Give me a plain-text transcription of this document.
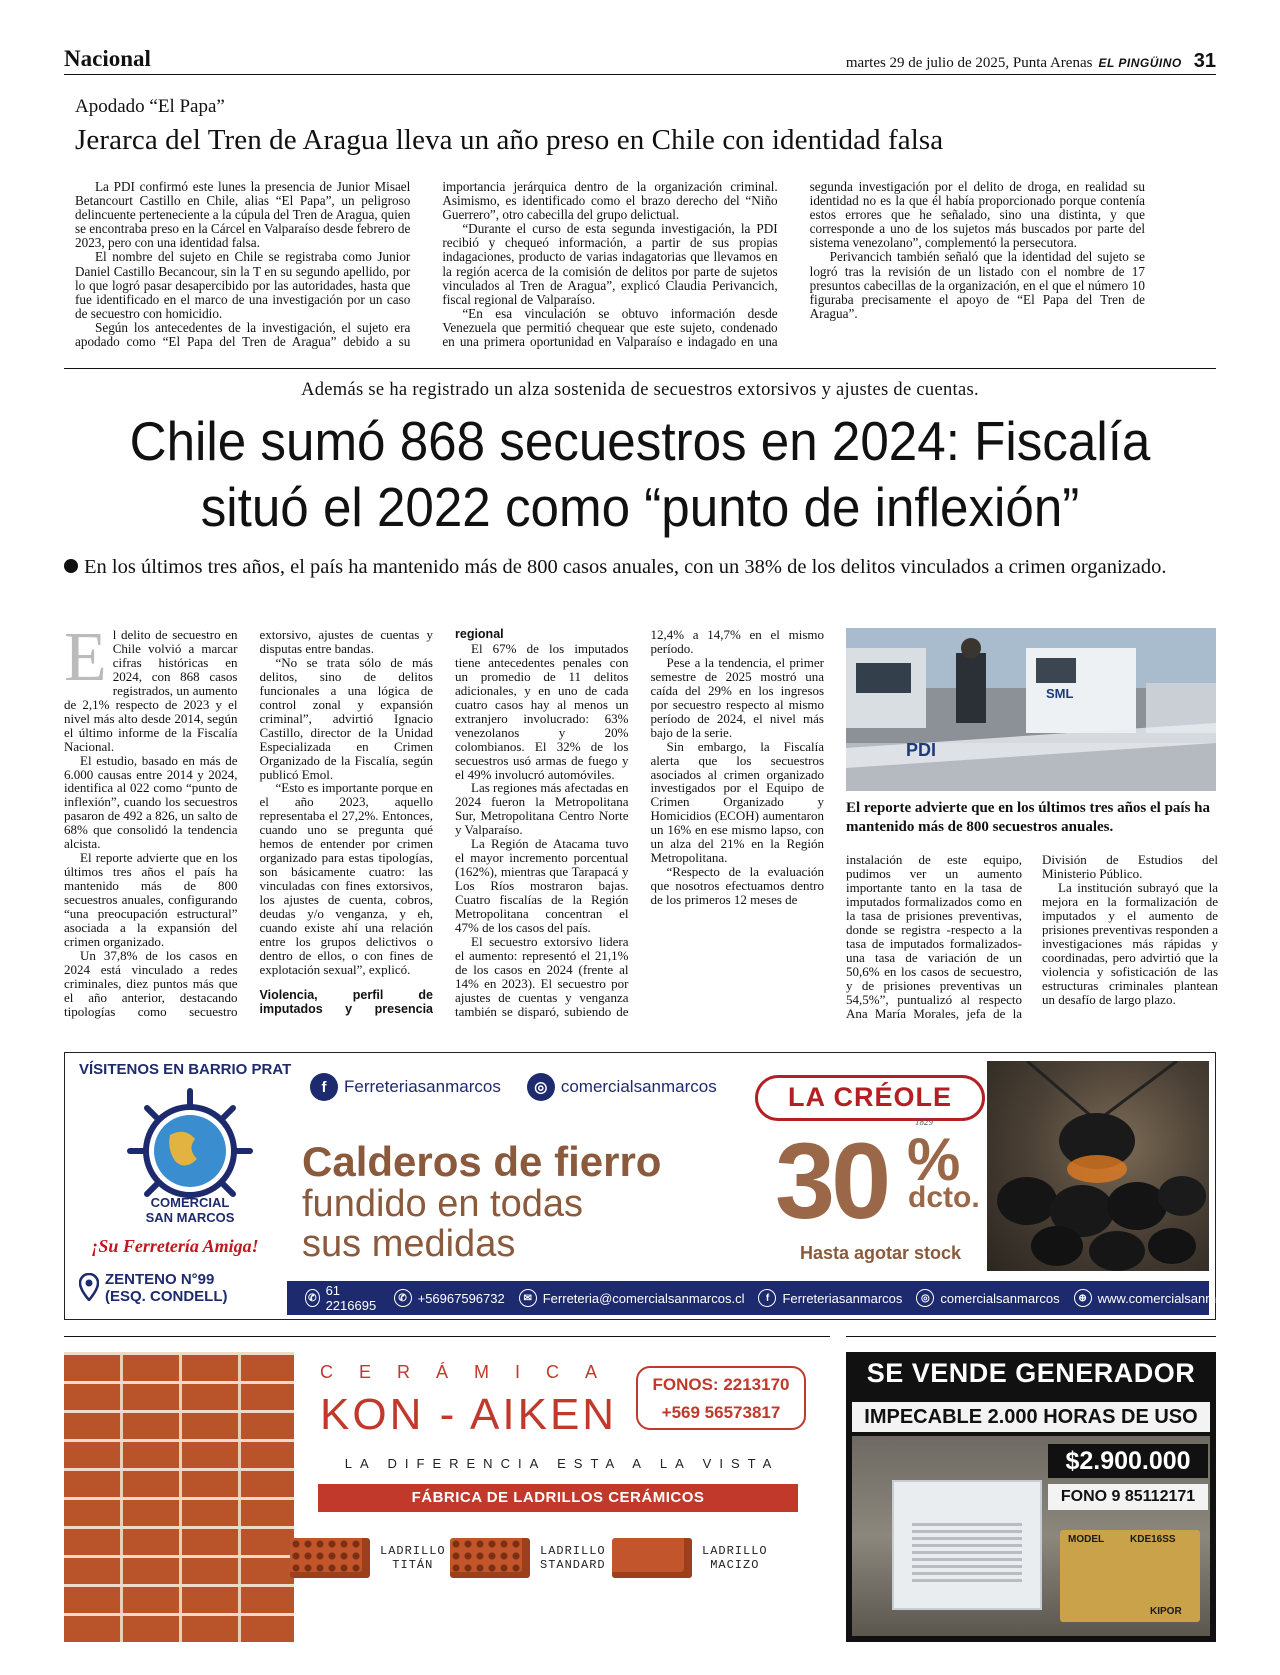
Nacional	martes 29 de julio de 2025, Punta Arenas EL PINGÜINO 31
Apodado “El Papa”
Jerarca del Tren de Aragua lleva un año preso en Chile con identidad falsa

La PDI confirmó este lunes la presencia de Junior Misael Betancourt Castillo en Chile, alias “El Papa”, un peligroso delincuente perteneciente a la cúpula del Tren de Aragua, quien se encontraba preso en la Cárcel en Valparaíso desde febrero de 2023, pero con una identidad falsa.

El nombre del sujeto en Chile se registraba como Junior Daniel Castillo Becancour, sin la T en su segundo apellido, por lo que logró pasar desapercibido por las autoridades, hasta que fue identificado en el marco de una investigación por un caso de secuestro con homicidio.

Según los antecedentes de la investigación, el sujeto era apodado como “El Papa del Tren de Aragua” debido a su importancia jerárquica dentro de la organización criminal. Asimismo, es identificado como el brazo derecho del “Niño Guerrero”, otro cabecilla del grupo delictual.

“Durante el curso de esta segunda investigación, la PDI recibió y chequeó información, a partir de sus propias indagaciones, producto de varias indagatorias que llevamos en la región acerca de la comisión de delitos por parte de sujetos vinculados al Tren de Aragua”, explicó Claudia Perivancich, fiscal regional de Valparaíso.

“En esa vinculación se obtuvo información desde Venezuela que permitió chequear que este sujeto, condenado en una primera oportunidad en Valparaíso e indagado en una segunda investigación por el delito de droga, en realidad su identidad no es la que él había proporcionado porque contenía estos errores que he señalado, sino una distinta, y que corresponde a uno de los sujetos más buscados por parte del sistema venezolano”, complementó la persecutora.

Perivancich también señaló que la identidad del sujeto se logró tras la revisión de un listado con el nombre de 17 presuntos cabecillas de la organización, en el que el número 10 figuraba precisamente el apoyo de “El Papa del Tren de Aragua”.

Además se ha registrado un alza sostenida de secuestros extorsivos y ajustes de cuentas.
Chile sumó 868 secuestros en 2024: Fiscalía
situó el 2022 como “punto de inflexión”
En los últimos tres años, el país ha mantenido más de 800 casos anuales, con un 38% de los delitos vinculados a crimen organizado.

El delito de secuestro en Chile volvió a marcar cifras históricas en 2024, con 868 casos registrados, un aumento de 2,1% respecto de 2023 y el nivel más alto desde 2014, según el último informe de la Fiscalía Nacional.

El estudio, basado en más de 6.000 causas entre 2014 y 2024, identifica al 022 como “punto de inflexión”, cuando los secuestros pasaron de 492 a 826, un salto de 68% que consolidó la tendencia alcista.

El reporte advierte que en los últimos tres años el país ha mantenido más de 800 secuestros anuales, configurando “una preocupación estructural” asociada a la expansión del crimen organizado.

Un 37,8% de los casos en 2024 está vinculado a redes criminales, diez puntos más que el año anterior, destacando tipologías como secuestro extorsivo, ajustes de cuentas y disputas entre bandas.

“No se trata sólo de más delitos, sino de delitos funcionales a una lógica de control zonal y expansión criminal”, advirtió Ignacio Castillo, director de la Unidad Especializada en Crimen Organizado de la Fiscalía, según publicó Emol.

“Esto es importante porque en el año 2023, aquello representaba el 27,2%. Entonces, cuando uno se pregunta qué hemos de entender por crimen organizado para estas tipologías, son básicamente cuatro: las vinculadas con fines extorsivos, los ajustes de cuenta, cobros, deudas y/o venganza, y eh, cuando existe ahí una relación entre los grupos delictivos o dentro de ellos, o con fines de explotación sexual”, explicó.

Violencia, perfil de imputados y presencia regional

El 67% de los imputados tiene antecedentes penales con un promedio de 11 delitos adicionales, y en uno de cada cuatro casos hay al menos un extranjero involucrado: 63% venezolanos y 20% colombianos. El 32% de los secuestros usó armas de fuego y el 49% involucró automóviles.

Las regiones más afectadas en 2024 fueron la Metropolitana Sur, Metropolitana Centro Norte y Valparaíso.

La Región de Atacama tuvo el mayor incremento porcentual (162%), mientras que Tarapacá y Los Ríos mostraron bajas. Cuatro fiscalías de la Región Metropolitana concentran el 47% de los casos del país.

El secuestro extorsivo lidera el aumento: representó el 21,1% de los casos en 2024 (frente al 14% en 2023). El secuestro por ajustes de cuentas y venganza también se disparó, subiendo de 12,4% a 14,7% en el mismo período.

Pese a la tendencia, el primer semestre de 2025 mostró una caída del 29% en los ingresos por secuestro respecto al mismo período de 2024, el nivel más bajo de la serie.

Sin embargo, la Fiscalía alerta que los secuestros asociados al crimen organizado investigados por el Equipo de Crimen Organizado y Homicidios (ECOH) aumentaron un 16% en ese mismo lapso, con un alza del 21% en la Región Metropolitana.

“Respecto de la evaluación que nosotros efectuamos dentro de los primeros 12 meses de

SML
PDI
El reporte advierte que en los últimos tres años el país ha mantenido más de 800 secuestros anuales.

instalación de este equipo, pudimos ver un aumento importante tanto en la tasa de imputados formalizados como en la tasa de prisiones preventivas, donde se registra -respecto a la tasa de imputados formalizados- una tasa de variación de un 50,6% en los casos de secuestro, y de prisiones preventivas un 54,5%”, puntualizó al respecto Ana María Morales, jefa de la División de Estudios del Ministerio Público.

La institución subrayó que la mejora en la formalización de imputados y el aumento de prisiones preventivas responden a investigaciones más rápidas y coordinadas, pero advirtió que la violencia y sofisticación de las estructuras criminales plantean un desafío de largo plazo.

VÍSITENOS EN BARRIO PRAT
COMERCIAL
SAN MARCOS
¡Su Ferretería Amiga!
ZENTENO N°99
(ESQ. CONDELL)
f	Ferreteriasanmarcos	◎ comercialsanmarcos	LA CRÉOLE
1829
Calderos de fierro
fundido en todas
sus medidas
30 %
dcto.
Hasta agotar stock
✆ 61 2216695	✆ +56967596732	✉ Ferreteria@comercialsanmarcos.cl	f	Ferreteriasanmarcos	◎ comercialsanmarcos	⊕ www.comercialsanmarcos.cl
CERÁMICA
KON - AIKEN
FONOS: 2213170
+569 56573817
LA DIFERENCIA ESTA A LA VISTA
FÁBRICA DE LADRILLOS CERÁMICOS
LADRILLO
TITÁN
LADRILLO
STANDARD
LADRILLO
MACIZO
SE VENDE GENERADOR
IMPECABLE 2.000 HORAS DE USO
$2.900.000
FONO 9 85112171
MODEL	KDE16SS
KIPOR
